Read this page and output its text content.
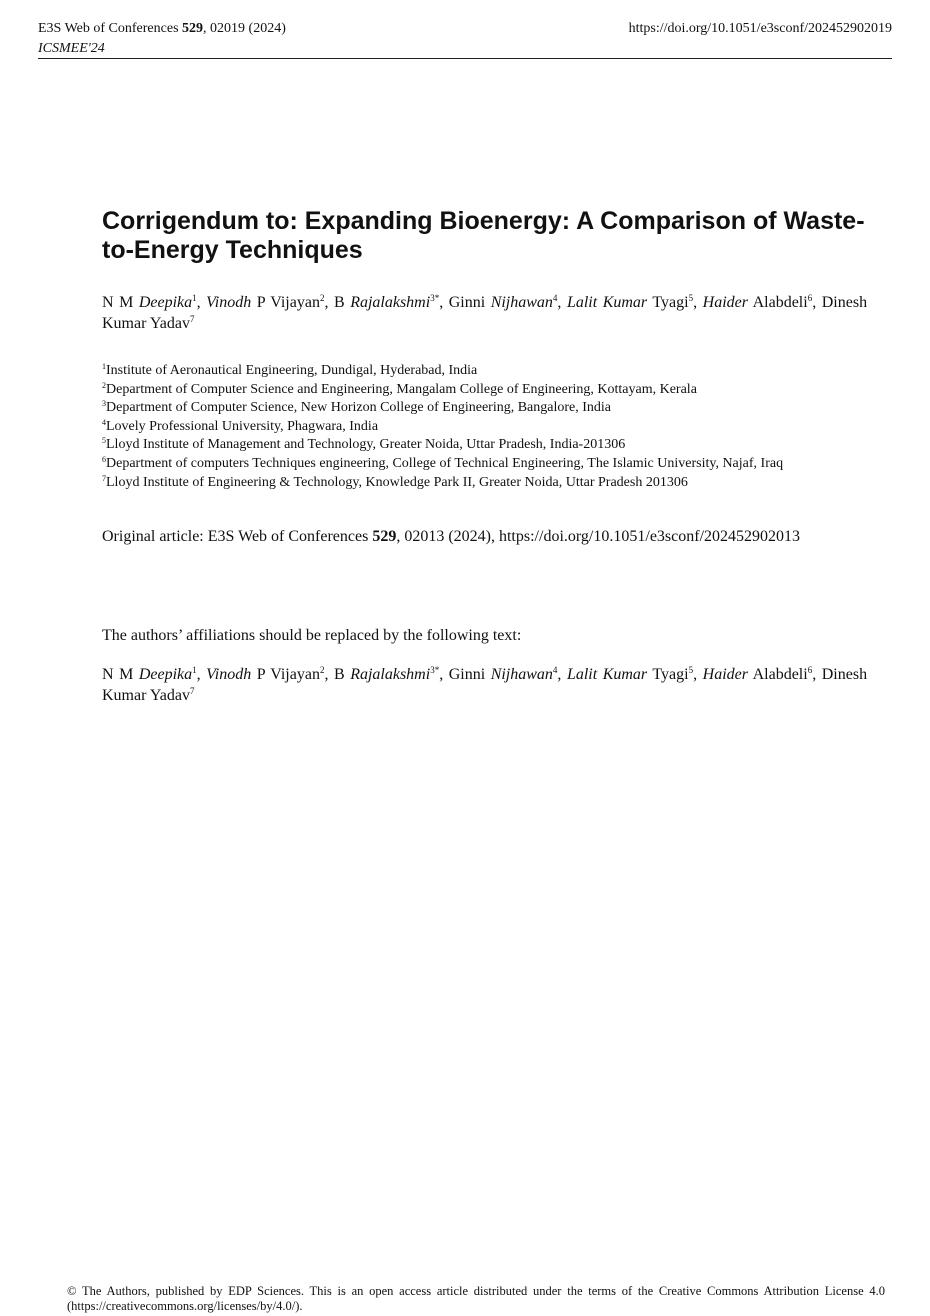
E3S Web of Conferences 529, 02019 (2024)
ICSMEE'24
https://doi.org/10.1051/e3sconf/202452902019
Corrigendum to: Expanding Bioenergy: A Comparison of Waste-to-Energy Techniques
N M Deepika$^1$, Vinodh P Vijayan$^2$, B Rajalakshmi$^{3*}$, Ginni Nijhawan$^4$, Lalit Kumar Tyagi$^5$, Haider Alabdeli$^6$, Dinesh Kumar Yadav$^7$
$^1$Institute of Aeronautical Engineering, Dundigal, Hyderabad, India
$^2$Department of Computer Science and Engineering, Mangalam College of Engineering, Kottayam, Kerala
$^3$Department of Computer Science, New Horizon College of Engineering, Bangalore, India
$^4$Lovely Professional University, Phagwara, India
$^5$Lloyd Institute of Management and Technology, Greater Noida, Uttar Pradesh, India-201306
$^6$Department of computers Techniques engineering, College of Technical Engineering, The Islamic University, Najaf, Iraq
$^7$Lloyd Institute of Engineering & Technology, Knowledge Park II, Greater Noida, Uttar Pradesh 201306
Original article: E3S Web of Conferences 529, 02013 (2024), https://doi.org/10.1051/e3sconf/202452902013
The authors’ affiliations should be replaced by the following text:
N M Deepika$^1$, Vinodh P Vijayan$^2$, B Rajalakshmi$^{3*}$, Ginni Nijhawan$^4$, Lalit Kumar Tyagi$^5$, Haider Alabdeli$^6$, Dinesh Kumar Yadav$^7$
© The Authors, published by EDP Sciences. This is an open access article distributed under the terms of the Creative Commons Attribution License 4.0 (https://creativecommons.org/licenses/by/4.0/).
